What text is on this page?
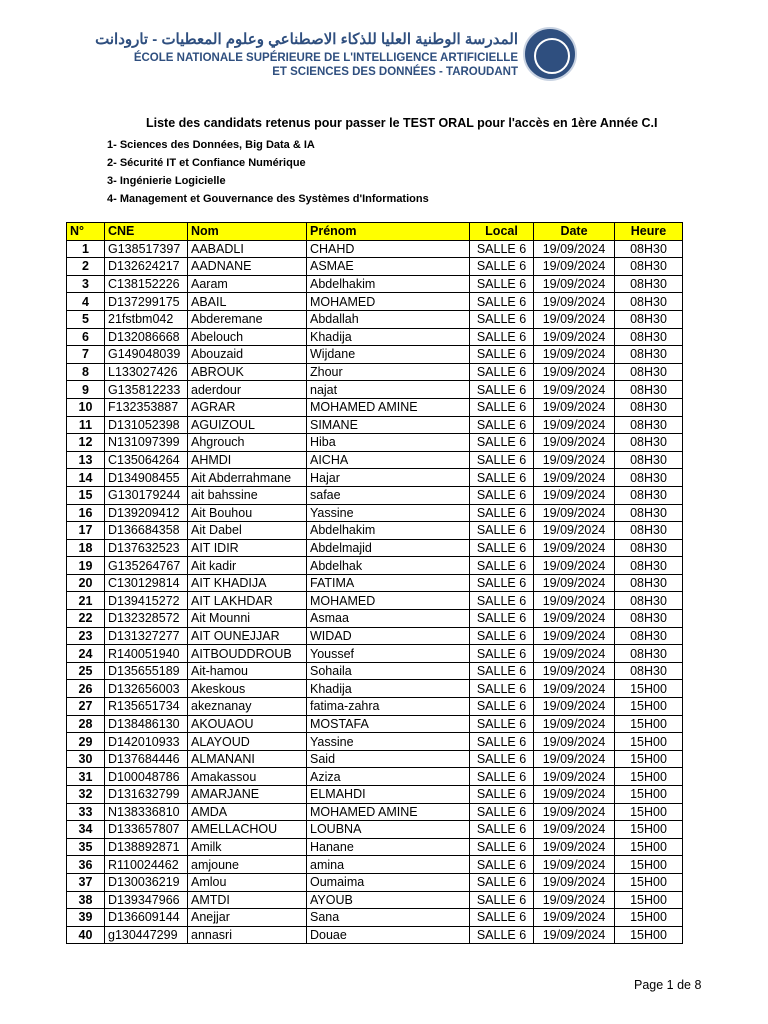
المدرسة الوطنية العليا للذكاء الاصطناعي وعلوم المعطيات - تارودانت
ÉCOLE NATIONALE SUPÉRIEURE DE L'INTELLIGENCE ARTIFICIELLE
ET SCIENCES DES DONNÉES - TAROUDANT
Liste des candidats retenus pour passer le TEST ORAL pour l'accès en 1ère Année C.I
1- Sciences des Données, Big Data & IA
2- Sécurité IT et Confiance Numérique
3- Ingénierie Logicielle
4- Management et Gouvernance des Systèmes d'Informations
N°	CNE	Nom	Prénom	Local	Date	Heure
1	G138517397	AABADLI	CHAHD	SALLE 6	19/09/2024	08H30
2	D132624217	AADNANE	ASMAE	SALLE 6	19/09/2024	08H30
3	C138152226	Aaram	Abdelhakim	SALLE 6	19/09/2024	08H30
4	D137299175	ABAIL	MOHAMED	SALLE 6	19/09/2024	08H30
5	21fstbm042	Abderemane	Abdallah	SALLE 6	19/09/2024	08H30
6	D132086668	Abelouch	Khadija	SALLE 6	19/09/2024	08H30
7	G149048039	Abouzaid	Wijdane	SALLE 6	19/09/2024	08H30
8	L133027426	ABROUK	Zhour	SALLE 6	19/09/2024	08H30
9	G135812233	aderdour	najat	SALLE 6	19/09/2024	08H30
10	F132353887	AGRAR	MOHAMED AMINE	SALLE 6	19/09/2024	08H30
11	D131052398	AGUIZOUL	SIMANE	SALLE 6	19/09/2024	08H30
12	N131097399	Ahgrouch	Hiba	SALLE 6	19/09/2024	08H30
13	C135064264	AHMDI	AICHA	SALLE 6	19/09/2024	08H30
14	D134908455	Ait Abderrahmane	Hajar	SALLE 6	19/09/2024	08H30
15	G130179244	ait bahssine	safae	SALLE 6	19/09/2024	08H30
16	D139209412	Ait Bouhou	Yassine	SALLE 6	19/09/2024	08H30
17	D136684358	Ait Dabel	Abdelhakim	SALLE 6	19/09/2024	08H30
18	D137632523	AIT IDIR	Abdelmajid	SALLE 6	19/09/2024	08H30
19	G135264767	Ait kadir	Abdelhak	SALLE 6	19/09/2024	08H30
20	C130129814	AIT KHADIJA	FATIMA	SALLE 6	19/09/2024	08H30
21	D139415272	AIT LAKHDAR	MOHAMED	SALLE 6	19/09/2024	08H30
22	D132328572	Ait Mounni	Asmaa	SALLE 6	19/09/2024	08H30
23	D131327277	AIT OUNEJJAR	WIDAD	SALLE 6	19/09/2024	08H30
24	R140051940	AITBOUDDROUB	Youssef	SALLE 6	19/09/2024	08H30
25	D135655189	Ait-hamou	Sohaila	SALLE 6	19/09/2024	08H30
26	D132656003	Akeskous	Khadija	SALLE 6	19/09/2024	15H00
27	R135651734	akeznanay	fatima-zahra	SALLE 6	19/09/2024	15H00
28	D138486130	AKOUAOU	MOSTAFA	SALLE 6	19/09/2024	15H00
29	D142010933	ALAYOUD	Yassine	SALLE 6	19/09/2024	15H00
30	D137684446	ALMANANI	Said	SALLE 6	19/09/2024	15H00
31	D100048786	Amakassou	Aziza	SALLE 6	19/09/2024	15H00
32	D131632799	AMARJANE	ELMAHDI	SALLE 6	19/09/2024	15H00
33	N138336810	AMDA	MOHAMED AMINE	SALLE 6	19/09/2024	15H00
34	D133657807	AMELLACHOU	LOUBNA	SALLE 6	19/09/2024	15H00
35	D138892871	Amilk	Hanane	SALLE 6	19/09/2024	15H00
36	R110024462	amjoune	amina	SALLE 6	19/09/2024	15H00
37	D130036219	Amlou	Oumaima	SALLE 6	19/09/2024	15H00
38	D139347966	AMTDI	AYOUB	SALLE 6	19/09/2024	15H00
39	D136609144	Anejjar	Sana	SALLE 6	19/09/2024	15H00
40	g130447299	annasri	Douae	SALLE 6	19/09/2024	15H00
Page 1 de 8
